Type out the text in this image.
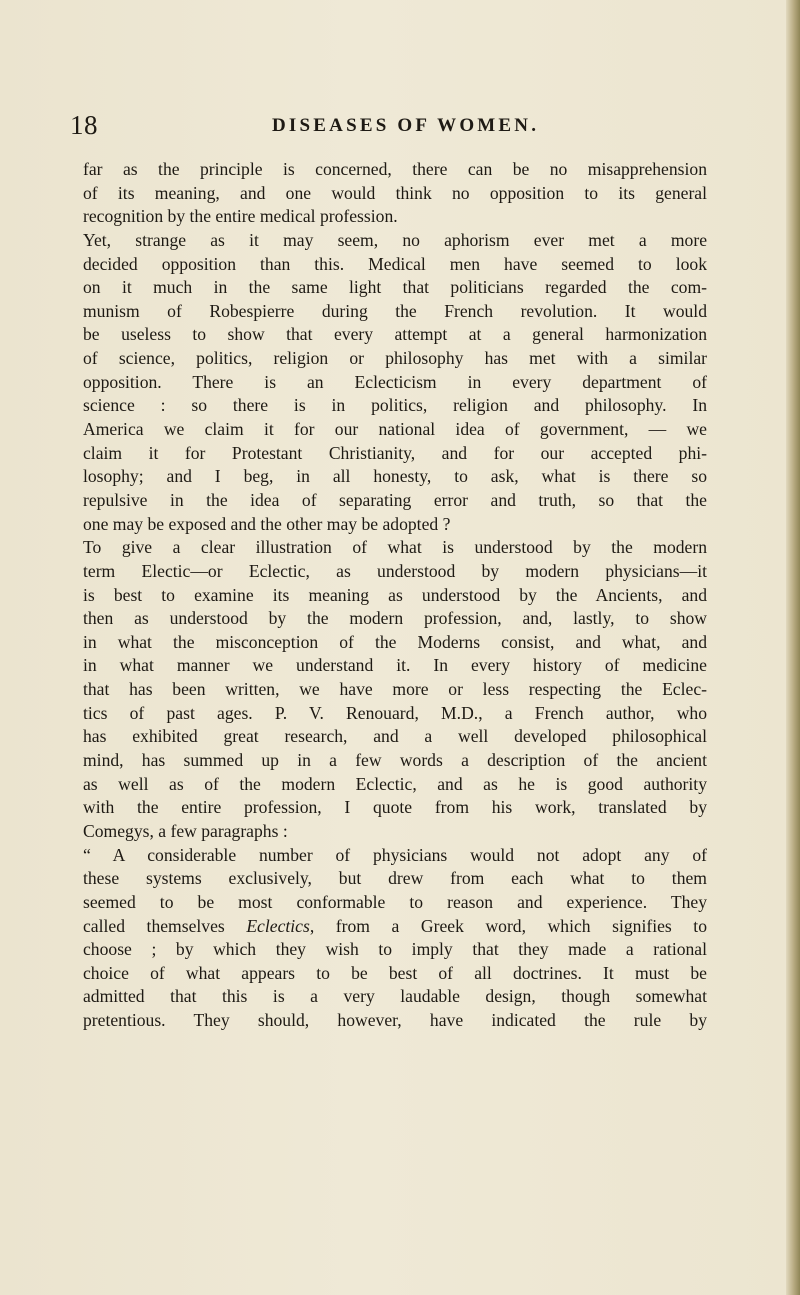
18	DISEASES OF WOMEN.
far as the principle is concerned, there can be no misapprehension
of its meaning, and one would think no opposition to its general
recognition by the entire medical profession.
Yet, strange as it may seem, no aphorism ever met a more
decided opposition than this. Medical men have seemed to look
on it much in the same light that politicians regarded the com-
munism of Robespierre during the French revolution. It would
be useless to show that every attempt at a general harmonization
of science, politics, religion or philosophy has met with a similar
opposition. There is an Eclecticism in every department of
science : so there is in politics, religion and philosophy. In
America we claim it for our national idea of government, — we
claim it for Protestant Christianity, and for our accepted phi-
losophy; and I beg, in all honesty, to ask, what is there so
repulsive in the idea of separating error and truth, so that the
one may be exposed and the other may be adopted ?
To give a clear illustration of what is understood by the modern
term Electic—or Eclectic, as understood by modern physicians—it
is best to examine its meaning as understood by the Ancients, and
then as understood by the modern profession, and, lastly, to show
in what the misconception of the Moderns consist, and what, and
in what manner we understand it. In every history of medicine
that has been written, we have more or less respecting the Eclec-
tics of past ages. P. V. Renouard, M.D., a French author, who
has exhibited great research, and a well developed philosophical
mind, has summed up in a few words a description of the ancient
as well as of the modern Eclectic, and as he is good authority
with the entire profession, I quote from his work, translated by
Comegys, a few paragraphs :
“ A considerable number of physicians would not adopt any of
these systems exclusively, but drew from each what to them
seemed to be most conformable to reason and experience. They
called themselves Eclectics, from a Greek word, which signifies to
choose ; by which they wish to imply that they made a rational
choice of what appears to be best of all doctrines. It must be
admitted that this is a very laudable design, though somewhat
pretentious. They should, however, have indicated the rule by
